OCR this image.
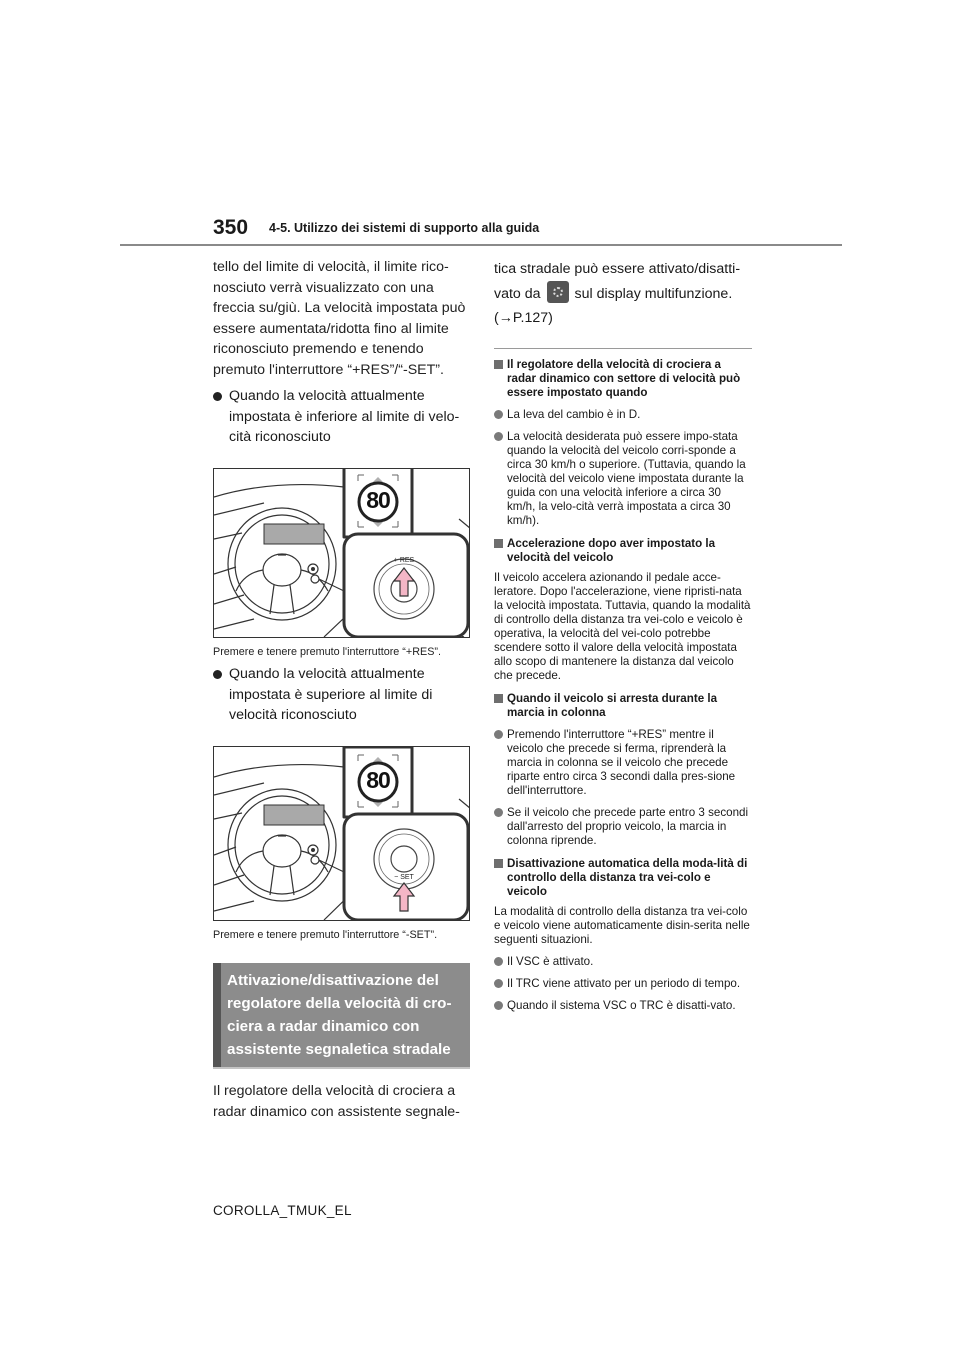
350 4-5. Utilizzo dei sistemi di supporto alla guida

tello del limite di velocità, il limite rico-nosciuto verrà visualizzato con una freccia su/giù. La velocità impostata può essere aumentata/ridotta fino al limite riconosciuto premendo e tenendo premuto l'interruttore “+RES”/“-SET”.

Quando la velocità attualmente impostata è inferiore al limite di velo-cità riconosciuto
80
+ RES

Premere e tenere premuto l'interruttore “+RES”.

Quando la velocità attualmente impostata è superiore al limite di velocità riconosciuto
80
− SET

Premere e tenere premuto l'interruttore “-SET”.

Attivazione/disattivazione del regolatore della velocità di cro-ciera a radar dinamico con assistente segnaletica stradale

Il regolatore della velocità di crociera a radar dinamico con assistente segnale-

tica stradale può essere attivato/disatti-
vato da sul display multifunzione.
(→P.127)

Il regolatore della velocità di crociera a radar dinamico con settore di velocità può essere impostato quando
La leva del cambio è in D.
La velocità desiderata può essere impo-stata quando la velocità del veicolo corri-sponde a circa 30 km/h o superiore. (Tuttavia, quando la velocità del veicolo viene impostata durante la guida con una velocità inferiore a circa 30 km/h, la velo-cità verrà impostata a circa 30 km/h).
Accelerazione dopo aver impostato la velocità del veicolo

Il veicolo accelera azionando il pedale acce-leratore. Dopo l'accelerazione, viene ripristi-nata la velocità impostata. Tuttavia, quando la modalità di controllo della distanza tra vei-colo e veicolo è operativa, la velocità del vei-colo potrebbe scendere sotto il valore della velocità impostata allo scopo di mantenere la distanza dal veicolo che precede.

Quando il veicolo si arresta durante la marcia in colonna
Premendo l'interruttore “+RES” mentre il veicolo che precede si ferma, riprenderà la marcia in colonna se il veicolo che precede riparte entro circa 3 secondi dalla pres-sione dell'interruttore.
Se il veicolo che precede parte entro 3 secondi dall'arresto del proprio veicolo, la marcia in colonna riprende.
Disattivazione automatica della moda-lità di controllo della distanza tra vei-colo e veicolo

La modalità di controllo della distanza tra vei-colo e veicolo viene automaticamente disin-serita nelle seguenti situazioni.

Il VSC è attivato.
Il TRC viene attivato per un periodo di tempo.
Quando il sistema VSC o TRC è disatti-vato.
COROLLA_TMUK_EL
